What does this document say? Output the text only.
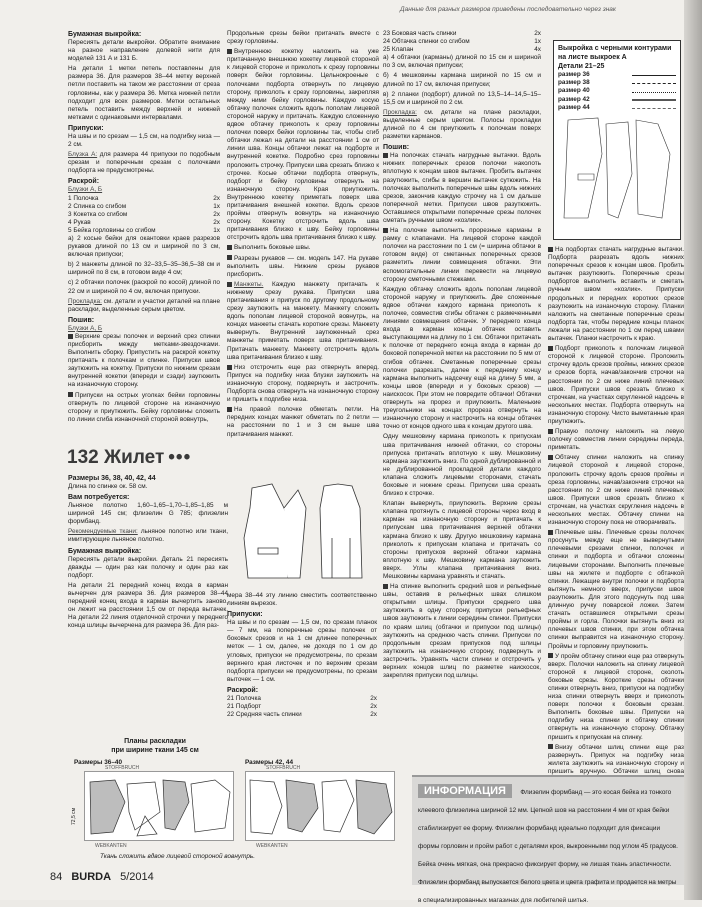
Данные для разных размеров приведены последовательно через знак
Бумажная выкройка:

Пересиять детали выкройки. Обратите внимание на разное направление долевой нити для моделей 131 А и 131 Б.

На детали 1 метки петель поставлены для размера 36. Для размеров 38–44 метку верхней петли поставить на таком же расстоянии от среза горловины, как у размера 36. Метка нижней петли подходит для всех размеров. Метки остальных петель поставить между верхней и нижней метками с одинаковыми интервалами.

Припуски:

На швы и по срезам — 1,5 см, на подгибку низа — 2 см.

Блузка А: для размера 44 припуски по подобным срезам и поперечным срезам с полочками подборта не предусмотрены.

Раскрой:
Блузки А, Б
1 Полочка	2x
2 Спинка со сгибом	1x
3 Кокетка со сгибом	2x
4 Рукав	2x
5 Бейка горловины со сгибом	1x

a) 2 косые бейки для окантовки краев разрезов рукавов длиной по 13 см и шириной по 3 см, включая припуски;

b) 2 манжеты длиной по 32–33,5–35–36,5–38 см и шириной по 8 см, в готовом виде 4 см;

c) 2 обтачки полочек (раскрой по косой) длиной по 22 см и шириной по 4 см, включая припуски.

Прокладка: см. детали и участки деталей на плане раскладки, выделенные серым цветом.

Пошив:
Блузки А, Б

Верхние срезы полочек и верхний срез спинки присборить между метками-звездочками. Выполнить сборку. Припустить на раскрой кокетку притачать к полочкам и спинке. Припуски швов заутюжить на кокетку. Припуски по нижним срезам внутренней кокетки (впереди и сзади) заутюжить на изнаночную сторону.

Припуски на острых уголках бейки горловины отвернуть по лицевой стороне на изнаночную сторону и приутюжить. Бейку горловины сложить по линии сгиба изнаночной стороной вовнутрь,

132 Жилет •••
Размеры 36, 38, 40, 42, 44

Длина по спинке ок. 58 см.

Вам потребуется:

Льняное полотно 1,60–1,65–1,70–1,85–1,85 м шириной 145 см; флизелин G 785; флизелин формбанд.

Рекомендуемые ткани: льняное полотно или ткани, имитирующие льняное полотно.

Бумажная выкройка:

Пересиять детали выкройки. Деталь 21 пересиять дважды — один раз как полочку и один раз как подборт.

На детали 21 передний конец входа в карман вычерчен для размера 36. Для размеров 38–44 передний конец входа в карман вычертить заново, он лежит на расстоянии 1,5 см от переда вытачек. На детали 22 линия отделочной строчки у переднего конца шлицы вычерчена для размера 36. Для раз-

Планы раскладки
при ширине ткани 145 см
Размеры 36–40	Размеры 42, 44
STOFFBRUCH
WEBKANTEN
72,5 см
STOFFBRUCH
WEBKANTEN
Ткань сложить вдвое лицевой стороной вовнутрь.

Продольные срезы бейки притачать вместе с срезу горловины.

Внутреннюю кокетку наложить на уже притачанную внешнюю кокетку лицевой стороной к лицевой стороне и приколоть к срезу горловины поверх бейки горловины. Цельнокроеные с полочками подборта отвернуть по лицевую сторону, приколоть к срезу горловины, закрепляя между ними бейку горловины. Каждую косую обтачку полочек сложить вдоль пополам лицевой стороной наружу и притачать. Каждую сложенную вдвое обтачку приколоть к срезу горловины полочки поверх бейки горловины так, чтобы сгиб обтачки лежал на детали на расстоянии 1 см от линии шва. Концы обтачки лежат на подборте и внутренней кокетке. Подробно срез горловины проложить строчку. Припуски шва срезать близко к строчке. Косые обтачки подборта отвернуть, подборт и бейку горловины отвернуть на изнаночную сторону. Края приутюжить. Внутреннюю кокетку приметать поверх шва притачивания внешней кокетки. Вдоль срезов проймы отвернуть вовнутрь на изнаночную сторону. Кокетку отстрочить вдоль шва притачивания близко к шву. Бейку горловины отстрочить вдоль шва притачивания близко к шву.

Выполнить боковые швы.

Разрезы рукавов — см. модель 147. На рукаве выполнить швы. Нижние срезы рукавов присборить.

Манжеты. Каждую манжету притачать к нижнему срезу рукава. Припуски шва притачивания и припуск по другому продольному срезу заутюжить на манжету. Манжету сложить вдоль пополам лицевой стороной вовнутрь, на концах манжеты стачать короткие срезы. Манжету вывернуть. Внутренний заутюженный срез манжеты приметать поверх шва притачивания. Притачать манжету. Манжету отстрочить вдоль шва притачивания близко к шву.

Низ отстрочить еще раз отвернуть вперед. Припуск на подгибку низа блузки заутюжить на изнаночную сторону, подвернуть и застрочить. Подборта снова отвернуть на изнаночную сторону и пришить к подгибке низа.

На правой полочке обметать петли. На передних концах манжет обметать по 2 петли — на расстоянии по 1 и 3 см выше шва притачивания манжет.

мера 38–44 эту линию сместить соответственно линиям вырезок.

Припуски:

На швы и по срезам — 1,5 см, по срезам планок — 7 мм, на поперечные срезы полочек от боковых срезов и на 1 см длинее поперечных меток — 1 см, далее, не доходя по 1 см до угловых, припуски не предусмотрены, по срезам верхнего края листочек и по верхним срезам подборта припуски не предусмотрены, по срезам выточек — 1 см.

Раскрой:
21 Полочка	2x
21 Подборт	2x
22 Средняя часть спинки	2x
23 Боковая часть спинки	2x
24 Обтачка спинки со сгибом	1x
25 Клапан	4x

а) 4 обтачки (карманы) длиной по 15 см и шириной по 3 см, включая припуски;

б) 4 мешковины кармана шириной по 15 см и длиной по 17 см, включая припуски;

в) 2 планки (подборт) длиной по 13,5–14–14,5–15–15,5 см и шириной по 2 см.

Прокладка: см. детали на плане раскладки, выделенные серым цветом. Полосы прокладки длиной по 4 см приутюжить к полочкам поверх разметки карманов.

Пошив:

На полочках стачать нагрудные вытачки. Вдоль нижних поперечных срезов полочки наколоть вплотную к концам швов вытачек. Пробить вытачек разутюжить, сгибы в вершин вытачек сутюжить. На полочках выполнить поперечные швы вдоль нижних срезов, закончив каждую строчку на 1 см дальше поперечной метки. Припуски швов разутюжить. Оставшиеся открытыми поперечные срезы полочек сметать ручными швом «козлик».

На полочке выполнить прорезные карманы в рамку с клапанами. На лицевой стороне каждой полочки на расстоянии по 1 см (= ширина обтачки в готовом виде) от сметанных поперечных срезов разметить линии совмещения обтачки. Эти вспомогательные линии перевести на лицевую сторону сметочными стежками.

Каждую обтачку сложить вдоль пополам лицевой стороной наружу и приутюжить. Две сложенные вдвое обтачки каждого кармана приколоть к полочке, совместив сгибы обтачек с размеченными линиями совмещения обтачек. У переднего конца входа в карман концы обтачек оставить выступающими на длину по 1 см. Обтачки притачать к полочке от переднего конца входа в карман до боковой поперечной метки на расстоянии по 5 мм от сгибов обтачек. Сметанные поперечные срезы полочки разрезать, далее к переднему концу кармана выполнить надсечку ещё на длину 5 мм, а концы швов (впереди и у боковых срезов) — наискосок. При этом не повредите обтачки! Обтачки отвернуть на прорез и приутюжить. Маленькие треугольники на концах прореза отвернуть на изнаночную сторону и настрочить на концы обтачек точно от концов одного шва к концам другого шва.

Одну мешковину кармана приколоть к припускам шва притачивания нижней обтачки, со стороны припуска притачать вплотную к шву. Мешковину кармана заутюжить вниз. По одной дублированной и не дублированной прокладкой детали каждого клапана сложить лицевыми сторонами, стачать боковые и нижние срезы. Припуски шва срезать близко к строчке.

Клапан вывернуть, приутюжить. Верхние срезы клапана протянуть с лицевой стороны через вход в карман на изнаночную сторону и притачать к припускам шва притачивания верхней обтачки кармана близко к шву. Другую мешковину кармана приколоть к припускам клапана и притачать со стороны припусков верхней обтачки кармана вплотную к шву. Мешковину кармана заутюжить вверх. Углы клапана притачивания вниз. Мешковины кармана уравнять и стачать.

На спинке выполнить средний шов и рельефные швы, оставив в рельефных швах слишком открытыми шлицы. Припуски среднего шва заутюжить в одну сторону, припуски рельефных швов заутюжить к линии середины спинки. Припуски по краям шлиц (обтачки и припуски под шлицы) заутюжить на среднюю часть спинки. Припуски по продольным срезам припусков под шлицы заутюжить на изнаночную сторону, подвернуть и застрочить. Уравнять части спинки и отстрочить у верхних концов шлиц по разметке наискосок, закрепляя припуски под шлицы.

Выкройка с черными контурами на листе выкроек А
Детали 21–25
размер 36
размер 38
размер 40
размер 42
размер 44

На подбортах стачать нагрудные вытачки. Подборта разрезать вдоль нижних поперечных срезов к концам швов. Пробить вытачек разутюжить. Поперечные срезы подбортов выполнить вставить и сметать ручным швом «козлик». Припуски продольных и передних коротких срезов разутюжить на изнаночную сторону. Планки наложить на сметанные поперечные срезы подборта так, чтобы передние концы планок лежали на расстоянии по 1 см перед швами вытачек. Планки настрочить к краю.

Подборт приколоть к полочкам лицевой стороной к лицевой стороне. Проложить строчку вдоль срезов проймы, нижних срезов и срезов борта, начав/закончив строчки на расстоянии по 2 см ниже линий плечевых швов. Припуски швов срезать близко к строчкам, на участках скругленной надсечь в нескольких местах. Подборта отвернуть на изнаночную сторону. Чисто выметанные края приутюжить.

Правую полочку наложить на левую полочку совместив линии середины переда, приметать.

Обтачку спинки наложить на спинку лицевой стороной к лицевой стороне, проложить строчку вдоль срезов проймы и среза горловины, начав/закончив строчки на расстоянии по 2 см ниже линий плечевых швов. Припуски швов срезать близко к строчкам, на участках скругления надсечь в нескольких местах. Обтачку спинки на изнаночную сторону пока не отворачивать.

Плечевые швы. Плечевые срезы полочек просунуть между еще не вывернутыми плечевыми срезами спинки, полочек и спинки и подборта и обтачки сложены лицевыми сторонами. Выполнить плечевые швы на жилете и подборте с обтачкой спинки. Лежащие внутри полочки и подборта вытянуть немного вверх, припуски швов разутюжить. Для этого подсунуть под шва длинную ручку поварской ложки. Затем стачать оставшиеся открытыми срезы проймы и горла. Полочки вытянуть вниз из плечевых швов спинки, при этом обтачка спинки выправится на изнаночную сторону. Проймы и горловину приутюжить.

У пройм обтачку спинки еще раз отвернуть вверх. Полочки наложить на спинку лицевой стороной к лицевой стороне, сколоть боковые срезы. Короткие срезы обтачки спинки отвернуть вниз, припуски на подгибку низа спинки отвернуть вверх и приколоть поверх полочки к боковым срезам. Выполнить боковые швы. Припуски на подгибку низа спинки и обтачку спинки отвернуть на изнаночную сторону. Обтачку пришить к припускам на спинку.

Внизу обтачки шлиц спинки еще раз развернуть. Припуск на подгибку низа жилета заутюжить на изнаночную сторону и пришить вручную. Обтачки шлиц снова

ИНФОРМАЦИЯ Флизелин формбанд — это косая бейка из тонкого клеевого флизелина шириной 12 мм. Цепной шов на расстоянии 4 мм от края бейки стабилизирует ее форму. Флизелин формбанд идеально подходит для фиксации формы горловин и пройм работ с деталями кроя, выкроенными под углом 45 градусов. Бейка очень мягкая, она прекрасно фиксирует форму, не лишая ткань эластичности. Флизелин формбанд выпускается белого цвета и цвета графита и продается на метры в специализированных магазинах для любителей шитья.
84 BURDA 5/2014
